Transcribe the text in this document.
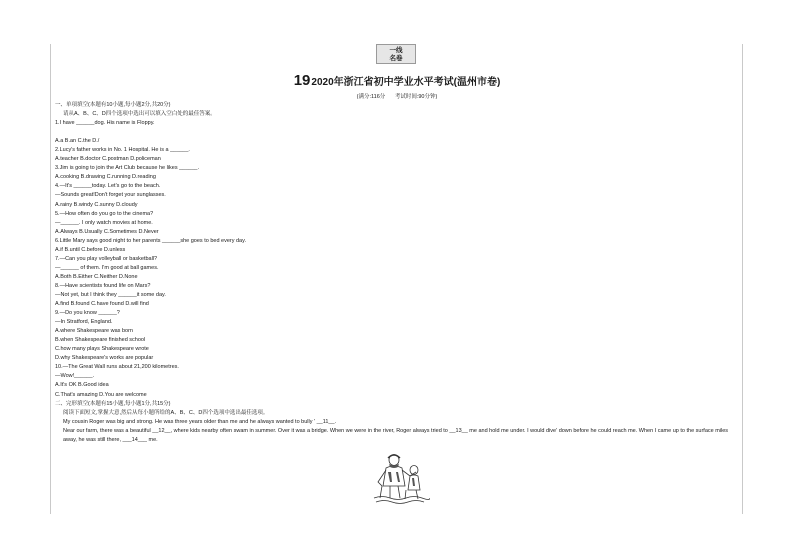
一线
名卷
192020年浙江省初中学业水平考试(温州市卷)
(满分:116分 考试时间:90分钟)
一、单项填空(本题有10小题,每小题2分,共20分)
请从A、B、C、D四个选项中选出可以填入空白处的最佳答案。
1.I have ______dog. His name is Floppy.

A.a B.an C.the D./
2.Lucy's father works in No. 1 Hospital. He is a ______.
A.teacher B.doctor C.postman D.policeman
3.Jim is going to join the Art Club because he likes ______.
A.cooking B.drawing C.running D.reading
4.—It's ______today. Let's go to the beach.
—Sounds great!Don't forget your sunglasses.
A.rainy B.windy C.sunny D.cloudy
5.—How often do you go to the cinema?
—______. I only watch movies at home.
A.Always B.Usually C.Sometimes D.Never
6.Little Mary says good night to her parents ______she goes to bed every day.
A.if B.until C.before D.unless
7.—Can you play volleyball or basketball?
—______ of them. I'm good at ball games.
A.Both B.Either C.Neither D.None
8.—Have scientists found life on Mars?
—Not yet, but I think they ______it some day.
A.find B.found C.have found D.will find
9.—Do you know ______?
—In Stratford, England.
A.where Shakespeare was born
B.when Shakespeare finished school
C.how many plays Shakespeare wrote
D.why Shakespeare's works are popular
10.—The Great Wall runs about 21,200 kilometres.
—Wow!______.
A.It's OK B.Good idea
C.That's amazing D.You are welcome
二、完形填空(本题有15小题,每小题1分,共15分)
阅读下面短文,掌握大意,然后从每小题所给的A、B、C、D四个选项中选出最佳选项。
My cousin Roger was big and strong. He was three years older than me and he always wanted to bully ' __11__.
Near our farm, there was a beautiful __12__, where kids nearby often swam in summer. Over it was a bridge. When we were in the river, Roger always tried to __13__ me and hold me under. I would dive' down before he could reach me. When I came up to the surface miles away, he was still there, ___14___ me.
